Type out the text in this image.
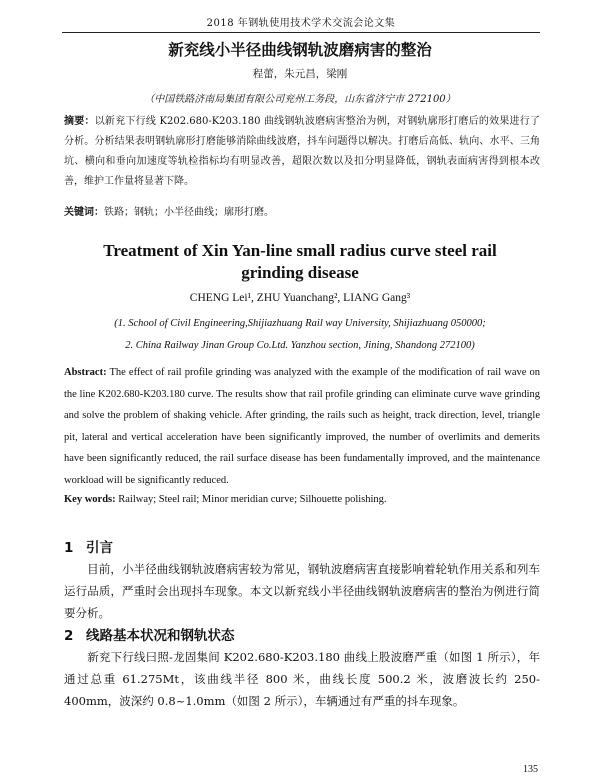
2018 年钢轨使用技术学术交流会论文集
新兖线小半径曲线钢轨波磨病害的整治
程蕾，朱元昌，梁刚
（中国铁路济南局集团有限公司兖州工务段，山东省济宁市 272100）
摘要：以新兖下行线 K202.680-K203.180 曲线钢轨波磨病害整治为例，对钢轨廓形打磨后的效果进行了分析。分析结果表明钢轨廓形打磨能够消除曲线波磨，抖车问题得以解决。打磨后高低、轨向、水平、三角坑、横向和垂向加速度等轨检指标均有明显改善，超限次数以及扣分明显降低，钢轨表面病害得到根本改善，维护工作量将显著下降。
关键词：铁路；钢轨；小半径曲线；廓形打磨。
Treatment of Xin Yan-line small radius curve steel rail grinding disease
CHENG Lei¹, ZHU Yuanchang², LIANG Gang³
(1. School of Civil Engineering,Shijiazhuang Rail way University, Shijiazhuang 050000;
2. China Railway Jinan Group Co.Ltd. Yanzhou section, Jining, Shandong 272100)
Abstract: The effect of rail profile grinding was analyzed with the example of the modification of rail wave on the line K202.680-K203.180 curve. The results show that rail profile grinding can eliminate curve wave grinding and solve the problem of shaking vehicle. After grinding, the rails such as height, track direction, level, triangle pit, lateral and vertical acceleration have been significantly improved, the number of overlimits and demerits have been significantly reduced, the rail surface disease has been fundamentally improved, and the maintenance workload will be significantly reduced.
Key words: Railway; Steel rail; Minor meridian curve; Silhouette polishing.
1 引言
目前，小半径曲线钢轨波磨病害较为常见，钢轨波磨病害直接影响着轮轨作用关系和列车运行品质，严重时会出现抖车现象。本文以新兖线小半径曲线钢轨波磨病害的整治为例进行简要分析。
2 线路基本状况和钢轨状态
新兖下行线曰照-龙固集间 K202.680-K203.180 曲线上股波磨严重（如图 1 所示），年通过总重 61.275Mt，该曲线半径 800 米，曲线长度 500.2 米，波磨波长约 250-400mm，波深约 0.8~1.0mm（如图 2 所示），车辆通过有严重的抖车现象。
135
